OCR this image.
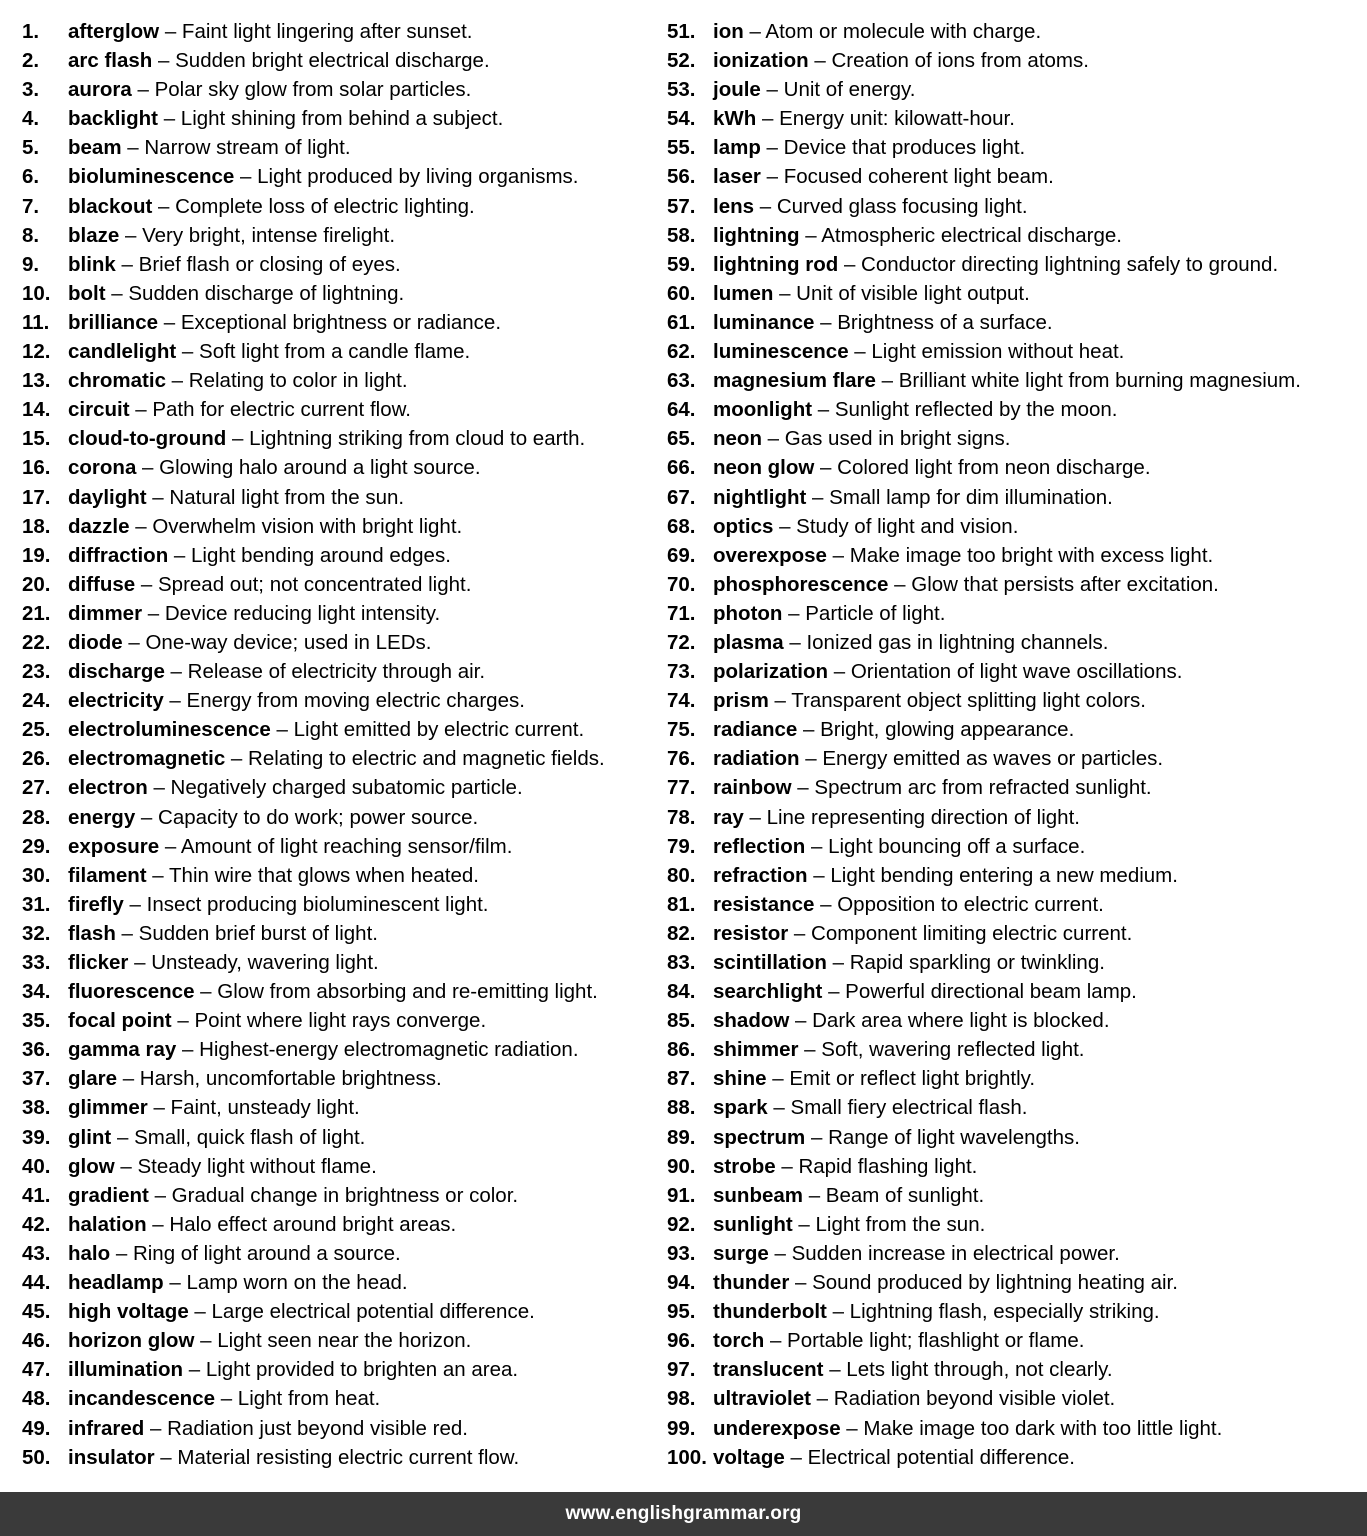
1. afterglow – Faint light lingering after sunset.
2. arc flash – Sudden bright electrical discharge.
3. aurora – Polar sky glow from solar particles.
4. backlight – Light shining from behind a subject.
5. beam – Narrow stream of light.
6. bioluminescence – Light produced by living organisms.
7. blackout – Complete loss of electric lighting.
8. blaze – Very bright, intense firelight.
9. blink – Brief flash or closing of eyes.
10. bolt – Sudden discharge of lightning.
11. brilliance – Exceptional brightness or radiance.
12. candlelight – Soft light from a candle flame.
13. chromatic – Relating to color in light.
14. circuit – Path for electric current flow.
15. cloud-to-ground – Lightning striking from cloud to earth.
16. corona – Glowing halo around a light source.
17. daylight – Natural light from the sun.
18. dazzle – Overwhelm vision with bright light.
19. diffraction – Light bending around edges.
20. diffuse – Spread out; not concentrated light.
21. dimmer – Device reducing light intensity.
22. diode – One-way device; used in LEDs.
23. discharge – Release of electricity through air.
24. electricity – Energy from moving electric charges.
25. electroluminescence – Light emitted by electric current.
26. electromagnetic – Relating to electric and magnetic fields.
27. electron – Negatively charged subatomic particle.
28. energy – Capacity to do work; power source.
29. exposure – Amount of light reaching sensor/film.
30. filament – Thin wire that glows when heated.
31. firefly – Insect producing bioluminescent light.
32. flash – Sudden brief burst of light.
33. flicker – Unsteady, wavering light.
34. fluorescence – Glow from absorbing and re-emitting light.
35. focal point – Point where light rays converge.
36. gamma ray – Highest-energy electromagnetic radiation.
37. glare – Harsh, uncomfortable brightness.
38. glimmer – Faint, unsteady light.
39. glint – Small, quick flash of light.
40. glow – Steady light without flame.
41. gradient – Gradual change in brightness or color.
42. halation – Halo effect around bright areas.
43. halo – Ring of light around a source.
44. headlamp – Lamp worn on the head.
45. high voltage – Large electrical potential difference.
46. horizon glow – Light seen near the horizon.
47. illumination – Light provided to brighten an area.
48. incandescence – Light from heat.
49. infrared – Radiation just beyond visible red.
50. insulator – Material resisting electric current flow.
51. ion – Atom or molecule with charge.
52. ionization – Creation of ions from atoms.
53. joule – Unit of energy.
54. kWh – Energy unit: kilowatt-hour.
55. lamp – Device that produces light.
56. laser – Focused coherent light beam.
57. lens – Curved glass focusing light.
58. lightning – Atmospheric electrical discharge.
59. lightning rod – Conductor directing lightning safely to ground.
60. lumen – Unit of visible light output.
61. luminance – Brightness of a surface.
62. luminescence – Light emission without heat.
63. magnesium flare – Brilliant white light from burning magnesium.
64. moonlight – Sunlight reflected by the moon.
65. neon – Gas used in bright signs.
66. neon glow – Colored light from neon discharge.
67. nightlight – Small lamp for dim illumination.
68. optics – Study of light and vision.
69. overexpose – Make image too bright with excess light.
70. phosphorescence – Glow that persists after excitation.
71. photon – Particle of light.
72. plasma – Ionized gas in lightning channels.
73. polarization – Orientation of light wave oscillations.
74. prism – Transparent object splitting light colors.
75. radiance – Bright, glowing appearance.
76. radiation – Energy emitted as waves or particles.
77. rainbow – Spectrum arc from refracted sunlight.
78. ray – Line representing direction of light.
79. reflection – Light bouncing off a surface.
80. refraction – Light bending entering a new medium.
81. resistance – Opposition to electric current.
82. resistor – Component limiting electric current.
83. scintillation – Rapid sparkling or twinkling.
84. searchlight – Powerful directional beam lamp.
85. shadow – Dark area where light is blocked.
86. shimmer – Soft, wavering reflected light.
87. shine – Emit or reflect light brightly.
88. spark – Small fiery electrical flash.
89. spectrum – Range of light wavelengths.
90. strobe – Rapid flashing light.
91. sunbeam – Beam of sunlight.
92. sunlight – Light from the sun.
93. surge – Sudden increase in electrical power.
94. thunder – Sound produced by lightning heating air.
95. thunderbolt – Lightning flash, especially striking.
96. torch – Portable light; flashlight or flame.
97. translucent – Lets light through, not clearly.
98. ultraviolet – Radiation beyond visible violet.
99. underexpose – Make image too dark with too little light.
100. voltage – Electrical potential difference.
www.englishgrammar.org
